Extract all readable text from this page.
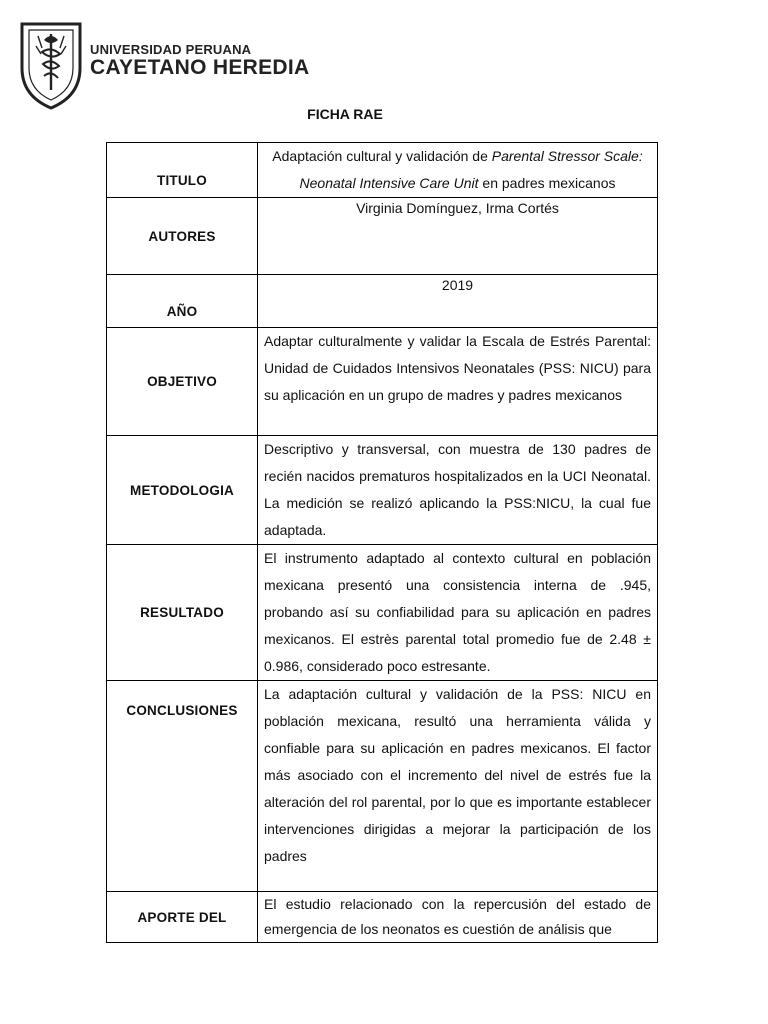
UNIVERSIDAD PERUANA
CAYETANO HEREDIA
FICHA RAE
TITULO	Adaptación cultural y validación de Parental Stressor Scale: Neonatal Intensive Care Unit en padres mexicanos
AUTORES	Virginia Domínguez, Irma Cortés

AÑO	2019
OBJETIVO	Adaptar culturalmente y validar la Escala de Estrés Parental: Unidad de Cuidados Intensivos Neonatales (PSS: NICU) para su aplicación en un grupo de madres y padres mexicanos
METODOLOGIA	Descriptivo y transversal, con muestra de 130 padres de recién nacidos prematuros hospitalizados en la UCI Neonatal. La medición se realizó aplicando la PSS:NICU, la cual fue adaptada.
RESULTADO	El instrumento adaptado al contexto cultural en población mexicana presentó una consistencia interna de .945, probando así su confiabilidad para su aplicación en padres mexicanos. El estrès parental total promedio fue de 2.48 ± 0.986, considerado poco estresante.

CONCLUSIONES	La adaptación cultural y validación de la PSS: NICU en población mexicana, resultó una herramienta válida y confiable para su aplicación en padres mexicanos. El factor más asociado con el incremento del nivel de estrés fue la alteración del rol parental, por lo que es importante establecer intervenciones dirigidas a mejorar la participación de los padres
APORTE DEL	El estudio relacionado con la repercusión del estado de emergencia de los neonatos es cuestión de análisis que
